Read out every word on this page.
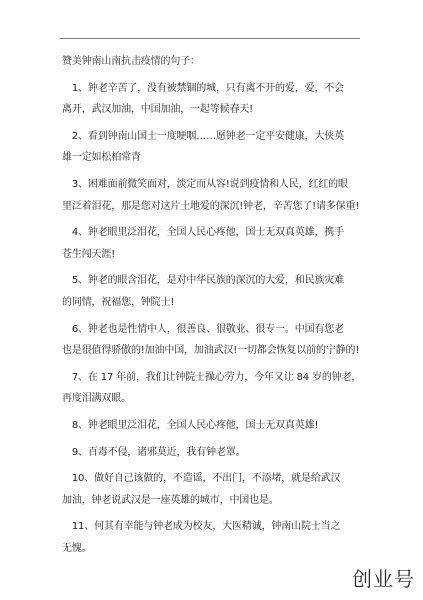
赞美钟南山南抗击疫情的句子：

　1、钟老辛苦了，没有被禁锢的城，只有离不开的爱，爱，不会

离开，武汉加油，中国加油，一起等候春天!

　2、看到钟南山国士一度哽咽……愿钟老一定平安健康，大侠英

雄一定如松柏常青

　3、困难面前微笑面对，淡定而从容!说到疫情和人民，红红的眼

里泛着泪花，那是您对这片土地爱的深沉!钟老，辛苦您了!请多保重!

　4、钟老眼里泛泪花，全国人民心疼他，国士无双真英雄，携手

苍生闯天涯!

　5、钟老的眼含泪花，是对中华民族的深沉的大爱，和民族灾难

的同情，祝福您，钟院士!

　6、钟老也是性情中人，很善良、很敬业、很专一。中国有您老

也是很值得骄傲的!加油中国，加油武汉!一切都会恢复以前的宁静的!

　7、在 17 年前，我们让钟院士操心劳力，今年又让 84 岁的钟老，

再度泪满双眼。

　8、钟老眼里泛泪花，全国人民心疼他，国士无双真英雄!

　9、百毒不侵，诸邪莫近，我有钟老罩。

　10、做好自己该做的，不造谣，不出门，不添堵，就是给武汉

加油，钟老说武汉是一座英雄的城市，中国也是。

　11、何其有幸能与钟老成为校友，大医精诚，钟南山院士当之

无愧。

创业号
